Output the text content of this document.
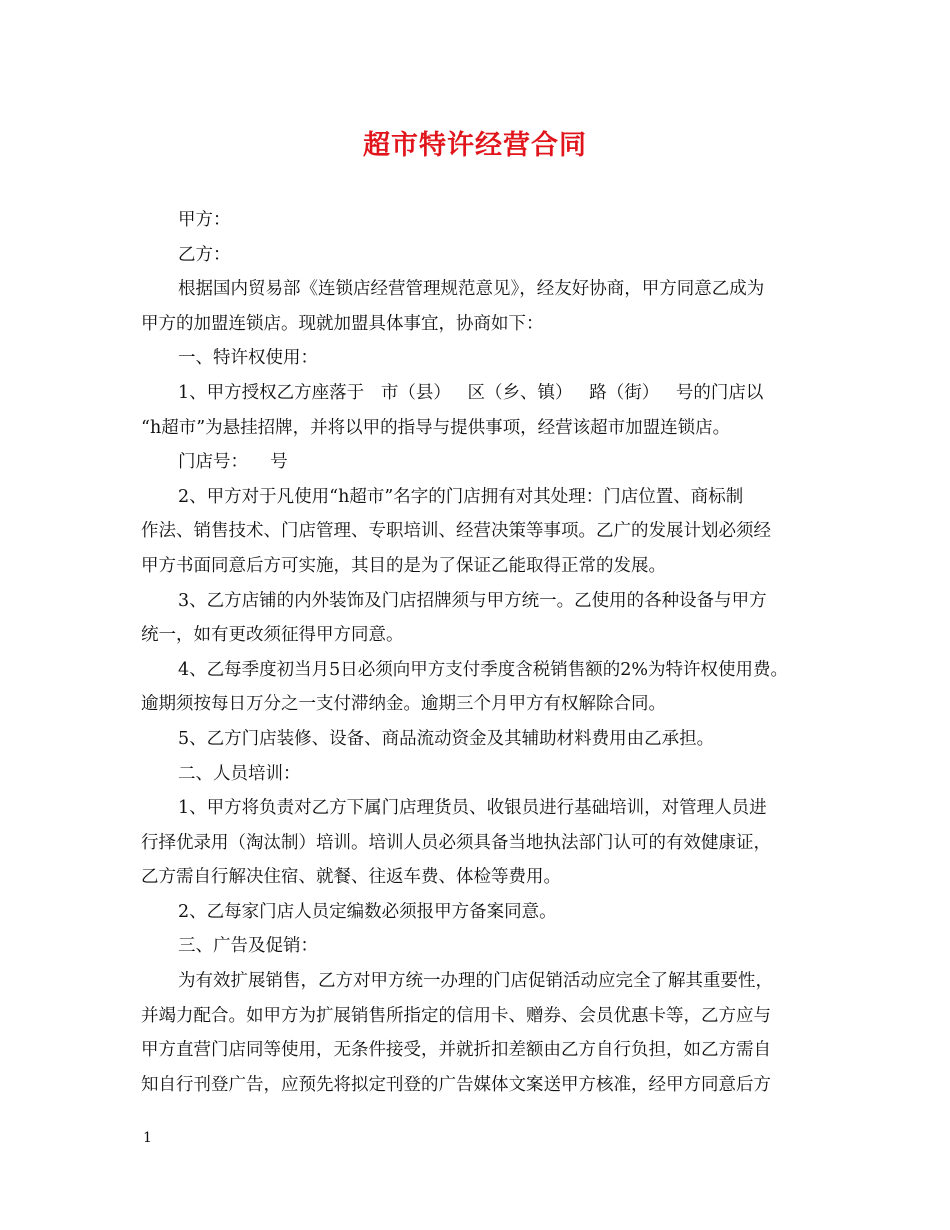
超市特许经营合同

甲方：

乙方：

根据国内贸易部《连锁店经营管理规范意见》，经友好协商，甲方同意乙成为

甲方的加盟连锁店。现就加盟具体事宜，协商如下：

一、特许权使用：

1、甲方授权乙方座落于   市（县）   区（乡、镇）   路（街）   号的门店以

“h超市”为悬挂招牌，并将以甲的指导与提供事项，经营该超市加盟连锁店。

门店号：    号

2、甲方对于凡使用“h超市”名字的门店拥有对其处理：门店位置、商标制

作法、销售技术、门店管理、专职培训、经营决策等事项。乙广的发展计划必须经

甲方书面同意后方可实施，其目的是为了保证乙能取得正常的发展。

3、乙方店铺的内外装饰及门店招牌须与甲方统一。乙使用的各种设备与甲方

统一，如有更改须征得甲方同意。

4、乙每季度初当月5日必须向甲方支付季度含税销售额的2%为特许权使用费。

逾期须按每日万分之一支付滞纳金。逾期三个月甲方有权解除合同。

5、乙方门店装修、设备、商品流动资金及其辅助材料费用由乙承担。

二、人员培训：

1、甲方将负责对乙方下属门店理货员、收银员进行基础培训，对管理人员进

行择优录用（淘汰制）培训。培训人员必须具备当地执法部门认可的有效健康证，

乙方需自行解决住宿、就餐、往返车费、体检等费用。

2、乙每家门店人员定编数必须报甲方备案同意。

三、广告及促销：

为有效扩展销售，乙方对甲方统一办理的门店促销活动应完全了解其重要性，

并竭力配合。如甲方为扩展销售所指定的信用卡、赠券、会员优惠卡等，乙方应与

甲方直营门店同等使用，无条件接受，并就折扣差额由乙方自行负担，如乙方需自

知自行刊登广告，应预先将拟定刊登的广告媒体文案送甲方核准，经甲方同意后方

1
